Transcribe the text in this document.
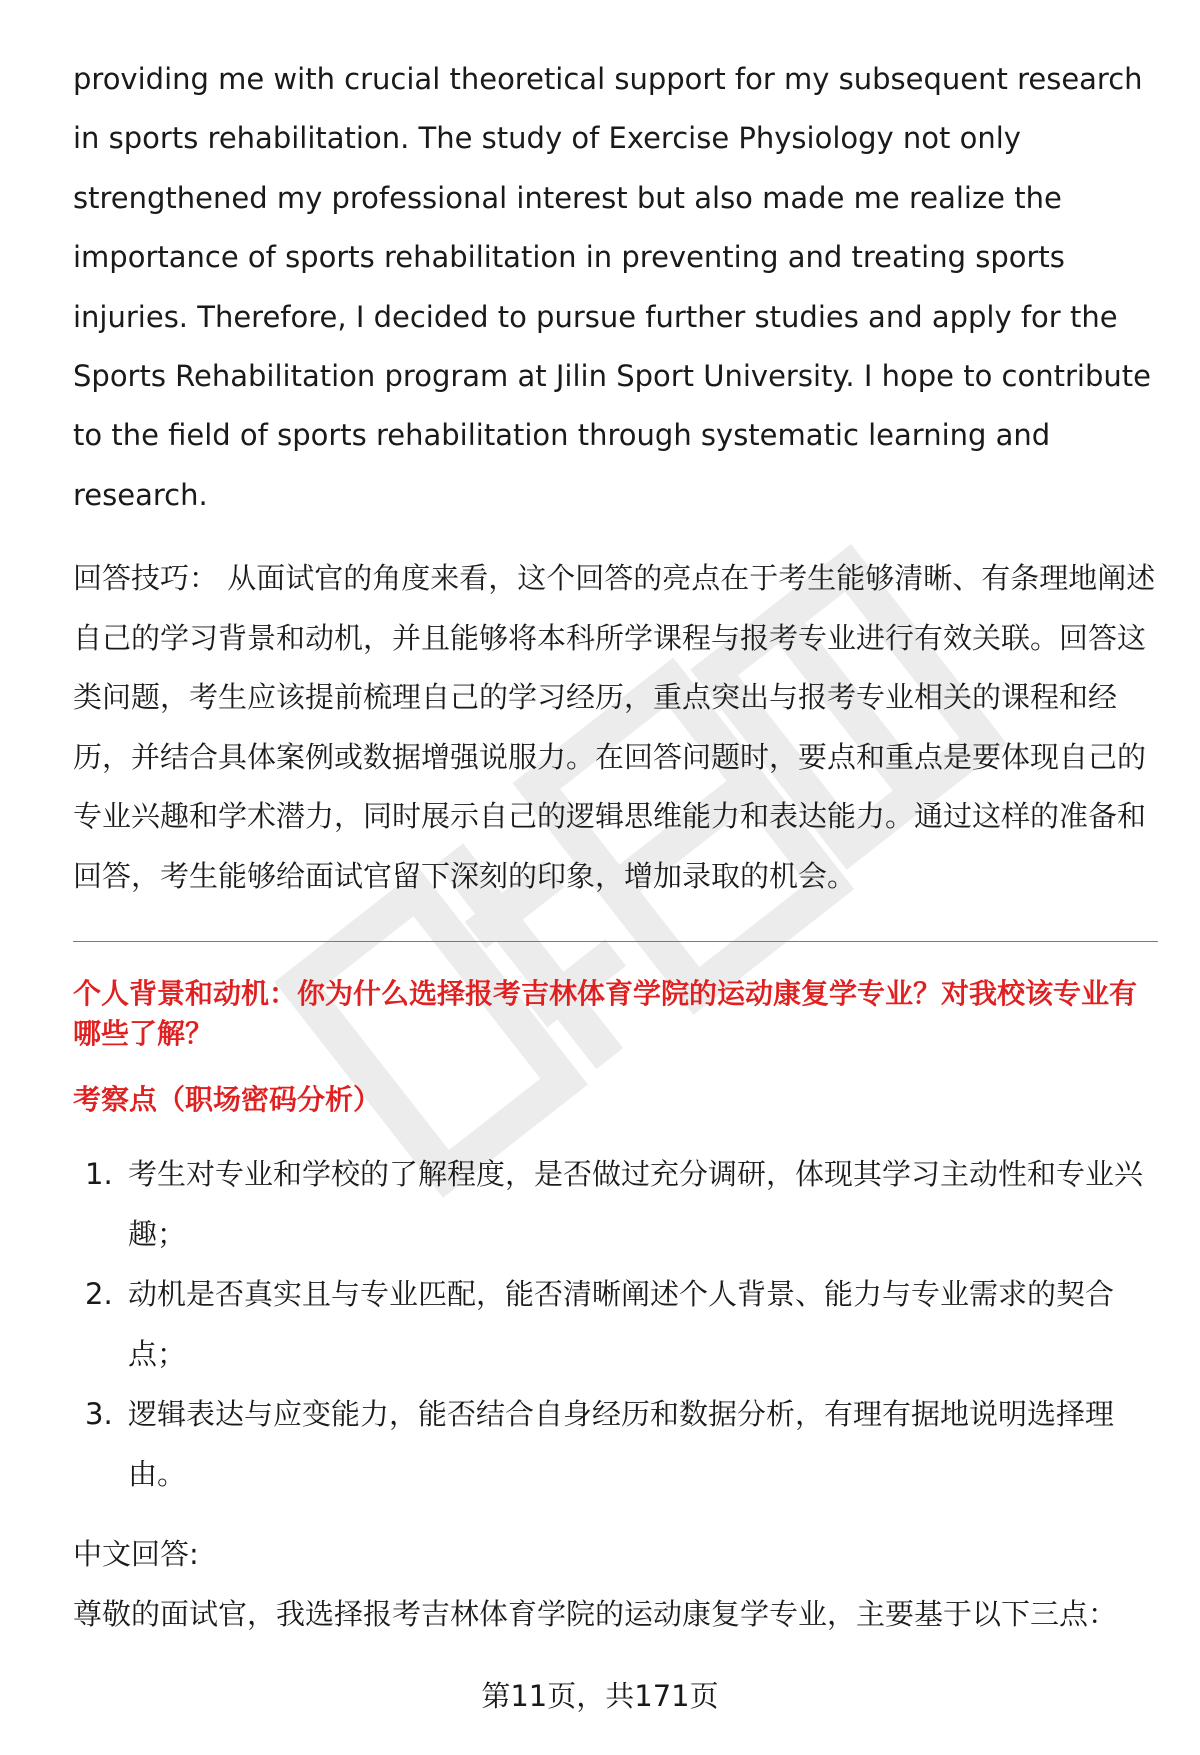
providing me with crucial theoretical support for my subsequent research in sports rehabilitation. The study of Exercise Physiology not only strengthened my professional interest but also made me realize the importance of sports rehabilitation in preventing and treating sports injuries. Therefore, I decided to pursue further studies and apply for the Sports Rehabilitation program at Jilin Sport University. I hope to contribute to the field of sports rehabilitation through systematic learning and research.

回答技巧： 从面试官的角度来看，这个回答的亮点在于考生能够清晰、有条理地阐述自己的学习背景和动机，并且能够将本科所学课程与报考专业进行有效关联。回答这类问题，考生应该提前梳理自己的学习经历，重点突出与报考专业相关的课程和经历，并结合具体案例或数据增强说服力。在回答问题时，要点和重点是要体现自己的专业兴趣和学术潜力，同时展示自己的逻辑思维能力和表达能力。通过这样的准备和回答，考生能够给面试官留下深刻的印象，增加录取的机会。

个人背景和动机：你为什么选择报考吉林体育学院的运动康复学专业？对我校该专业有哪些了解？
考察点（职场密码分析）
1. 考生对专业和学校的了解程度，是否做过充分调研，体现其学习主动性和专业兴趣；
2. 动机是否真实且与专业匹配，能否清晰阐述个人背景、能力与专业需求的契合点；
3. 逻辑表达与应变能力，能否结合自身经历和数据分析，有理有据地说明选择理由。

中文回答:

尊敬的面试官，我选择报考吉林体育学院的运动康复学专业，主要基于以下三点：

第11页，共171页
